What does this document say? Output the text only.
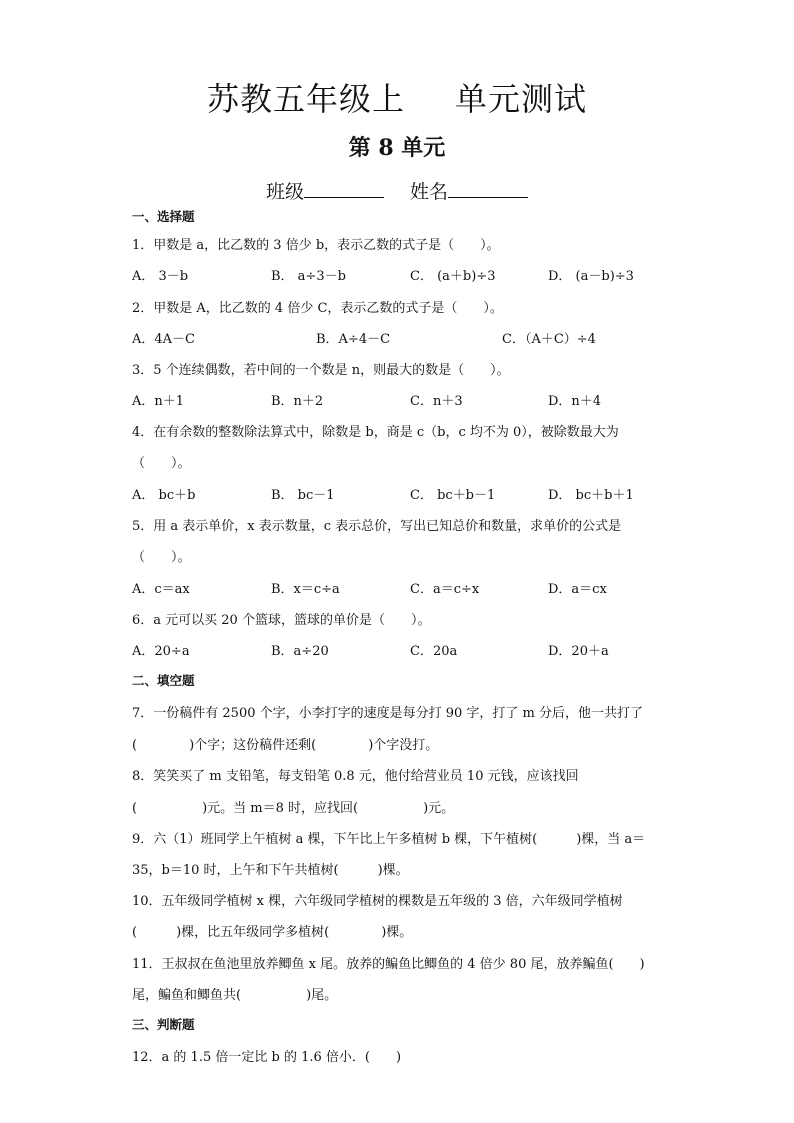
苏教五年级上 单元测试
第 8 单元
班级	姓名
一、选择题
1．甲数是 a，比乙数的 3 倍少 b，表示乙数的式子是（　　）。
A． 3－b	B． a÷3－b	C． (a＋b)÷3	D． (a－b)÷3
2．甲数是 A，比乙数的 4 倍少 C，表示乙数的式子是（　　）。
A．4A－C	B．A÷4－C	C．（A＋C）÷4
3．5 个连续偶数，若中间的一个数是 n，则最大的数是（　　）。
A．n＋1	B．n＋2	C．n＋3	D．n＋4
4．在有余数的整数除法算式中，除数是 b，商是 c（b，c 均不为 0），被除数最大为
（　　）。
A． bc＋b	B． bc－1	C． bc＋b－1	D． bc＋b＋1
5．用 a 表示单价，x 表示数量，c 表示总价，写出已知总价和数量，求单价的公式是
（　　）。
A．c＝ax	B．x＝c÷a	C．a＝c÷x	D．a＝cx
6．a 元可以买 20 个篮球，篮球的单价是（　　）。
A．20÷a	B．a÷20	C．20a	D．20＋a
二、填空题
7．一份稿件有 2500 个字，小李打字的速度是每分打 90 字，打了 m 分后，他一共打了
(　　　　)个字；这份稿件还剩(　　　　)个字没打。
8．笑笑买了 m 支铅笔，每支铅笔 0.8 元，他付给营业员 10 元钱，应该找回
(　　　　　)元。当 m＝8 时，应找回(　　　　　)元。
9．六（1）班同学上午植树 a 棵，下午比上午多植树 b 棵，下午植树(　　　)棵，当 a＝
35，b＝10 时，上午和下午共植树(　　　)棵。
10．五年级同学植树 x 棵，六年级同学植树的棵数是五年级的 3 倍，六年级同学植树
(　　　)棵，比五年级同学多植树(　　　　)棵。
11．王叔叔在鱼池里放养鲫鱼 x 尾。放养的鳊鱼比鲫鱼的 4 倍少 80 尾，放养鳊鱼(　　)
尾，鳊鱼和鲫鱼共(　　　　　)尾。
三、判断题
12．a 的 1.5 倍一定比 b 的 1.6 倍小．(　　)
